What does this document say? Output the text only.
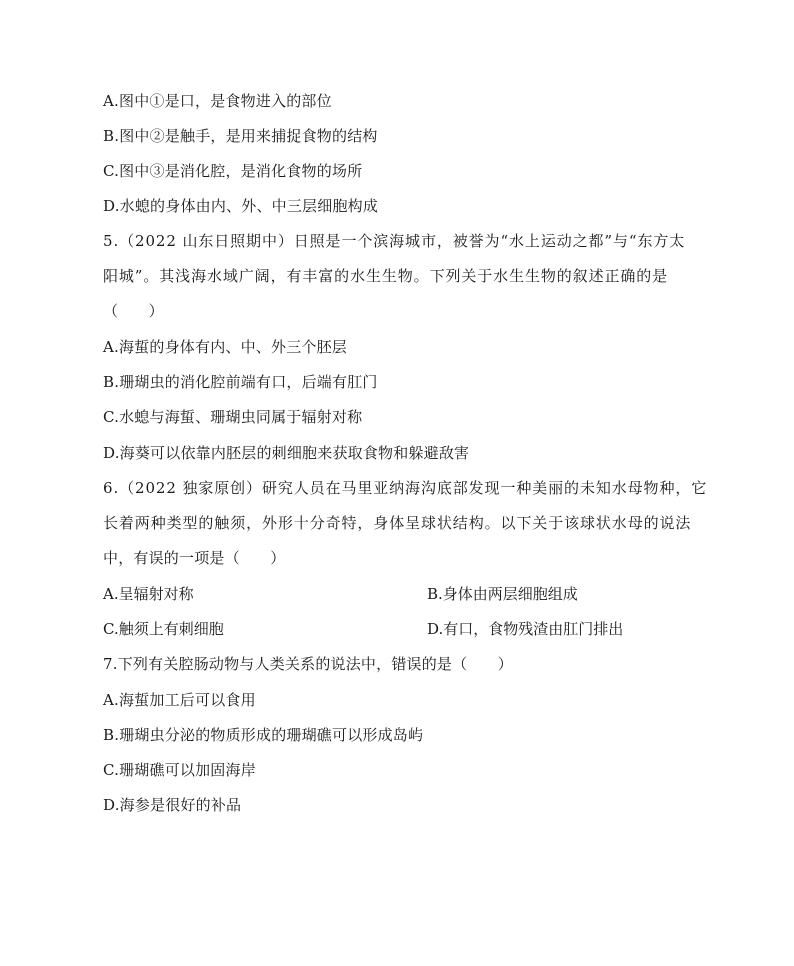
A.图中①是口，是食物进入的部位
B.图中②是触手，是用来捕捉食物的结构
C.图中③是消化腔，是消化食物的场所
D.水螅的身体由内、外、中三层细胞构成
5.（2022 山东日照期中）日照是一个滨海城市，被誉为“水上运动之都”与“东方太
阳城”。其浅海水域广阔，有丰富的水生生物。下列关于水生生物的叙述正确的是
（　　）
A.海蜇的身体有内、中、外三个胚层
B.珊瑚虫的消化腔前端有口，后端有肛门
C.水螅与海蜇、珊瑚虫同属于辐射对称
D.海葵可以依靠内胚层的刺细胞来获取食物和躲避敌害
6.（2022 独家原创）研究人员在马里亚纳海沟底部发现一种美丽的未知水母物种，它
长着两种类型的触须，外形十分奇特，身体呈球状结构。以下关于该球状水母的说法
中，有误的一项是（　　）
A.呈辐射对称	B.身体由两层细胞组成
C.触须上有刺细胞	D.有口，食物残渣由肛门排出
7.下列有关腔肠动物与人类关系的说法中，错误的是（　　）
A.海蜇加工后可以食用
B.珊瑚虫分泌的物质形成的珊瑚礁可以形成岛屿
C.珊瑚礁可以加固海岸
D.海参是很好的补品
